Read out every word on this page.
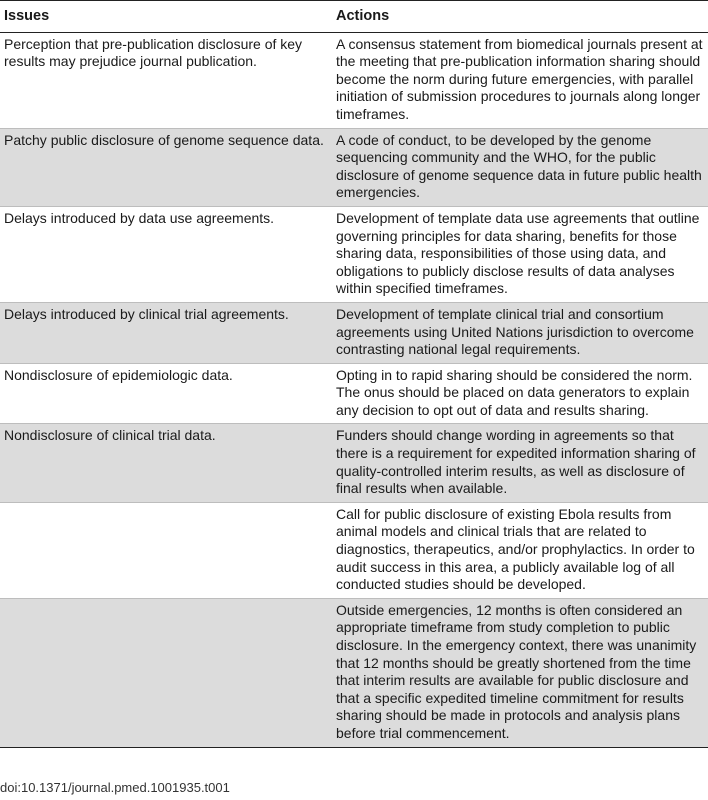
Issues	Actions
Perception that pre-publication disclosure of key results may prejudice journal publication.	A consensus statement from biomedical journals present at the meeting that pre-publication information sharing should become the norm during future emergencies, with parallel initiation of submission procedures to journals along longer timeframes.
Patchy public disclosure of genome sequence data.	A code of conduct, to be developed by the genome sequencing community and the WHO, for the public disclosure of genome sequence data in future public health emergencies.
Delays introduced by data use agreements.	Development of template data use agreements that outline governing principles for data sharing, benefits for those sharing data, responsibilities of those using data, and obligations to publicly disclose results of data analyses within specified timeframes.
Delays introduced by clinical trial agreements.	Development of template clinical trial and consortium agreements using United Nations jurisdiction to overcome contrasting national legal requirements.
Nondisclosure of epidemiologic data.	Opting in to rapid sharing should be considered the norm. The onus should be placed on data generators to explain any decision to opt out of data and results sharing.
Nondisclosure of clinical trial data.	Funders should change wording in agreements so that there is a requirement for expedited information sharing of quality-controlled interim results, as well as disclosure of final results when available.
	Call for public disclosure of existing Ebola results from animal models and clinical trials that are related to diagnostics, therapeutics, and/or prophylactics. In order to audit success in this area, a publicly available log of all conducted studies should be developed.
	Outside emergencies, 12 months is often considered an appropriate timeframe from study completion to public disclosure. In the emergency context, there was unanimity that 12 months should be greatly shortened from the time that interim results are available for public disclosure and that a specific expedited timeline commitment for results sharing should be made in protocols and analysis plans before trial commencement.
doi:10.1371/journal.pmed.1001935.t001
